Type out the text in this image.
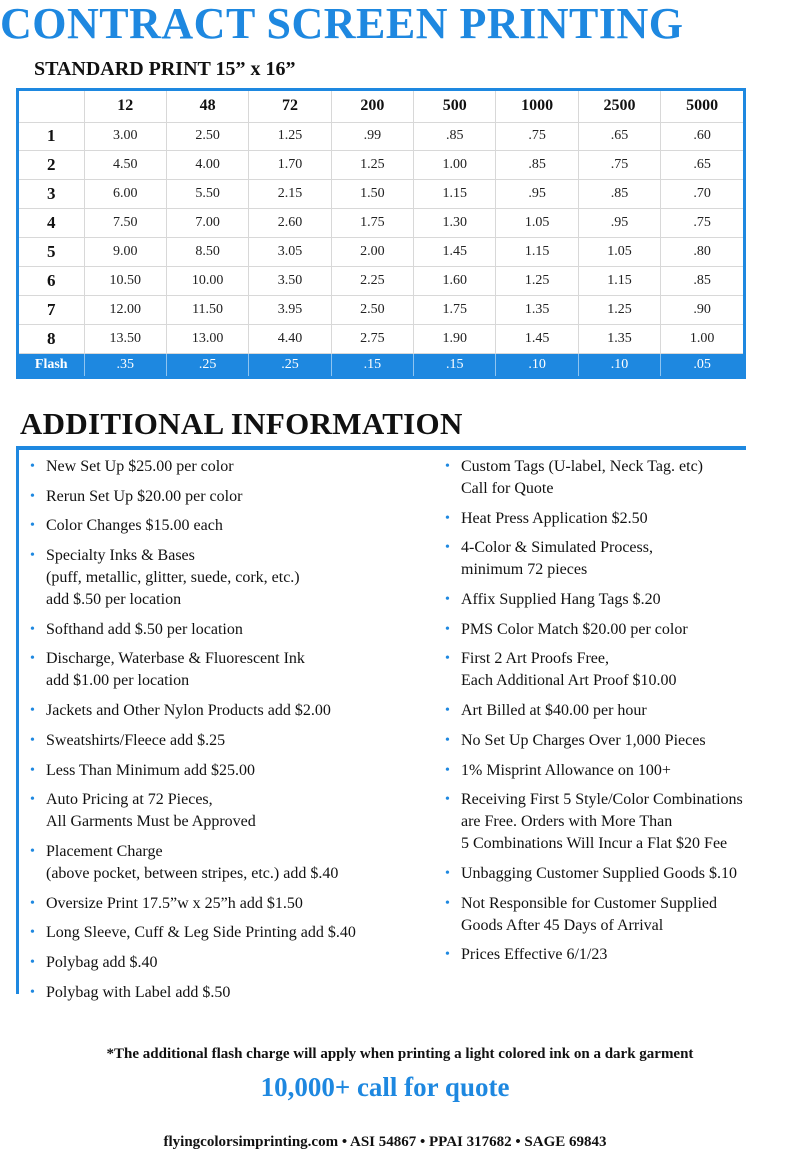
CONTRACT SCREEN PRINTING
STANDARD PRINT 15” x 16”
	12	48	72	200	500	1000	2500	5000
1	3.00	2.50	1.25	.99	.85	.75	.65	.60
2	4.50	4.00	1.70	1.25	1.00	.85	.75	.65
3	6.00	5.50	2.15	1.50	1.15	.95	.85	.70
4	7.50	7.00	2.60	1.75	1.30	1.05	.95	.75
5	9.00	8.50	3.05	2.00	1.45	1.15	1.05	.80
6	10.50	10.00	3.50	2.25	1.60	1.25	1.15	.85
7	12.00	11.50	3.95	2.50	1.75	1.35	1.25	.90
8	13.50	13.00	4.40	2.75	1.90	1.45	1.35	1.00
Flash	.35	.25	.25	.15	.15	.10	.10	.05
ADDITIONAL INFORMATION
• New Set Up $25.00 per color
• Rerun Set Up $20.00 per color
• Color Changes $15.00 each
• Specialty Inks & Bases
(puff, metallic, glitter, suede, cork, etc.)
add $.50 per location
• Softhand add $.50 per location
• Discharge, Waterbase & Fluorescent Ink
add $1.00 per location
• Jackets and Other Nylon Products add $2.00
• Sweatshirts/Fleece add $.25
• Less Than Minimum add $25.00
• Auto Pricing at 72 Pieces,
All Garments Must be Approved
• Placement Charge
(above pocket, between stripes, etc.) add $.40
• Oversize Print 17.5”w x 25”h add $1.50
• Long Sleeve, Cuff & Leg Side Printing add $.40
• Polybag add $.40
• Polybag with Label add $.50
• Custom Tags (U-label, Neck Tag. etc)
Call for Quote
• Heat Press Application $2.50
• 4-Color & Simulated Process,
minimum 72 pieces
• Affix Supplied Hang Tags $.20
• PMS Color Match $20.00 per color
• First 2 Art Proofs Free,
Each Additional Art Proof $10.00
• Art Billed at $40.00 per hour
• No Set Up Charges Over 1,000 Pieces
• 1% Misprint Allowance on 100+
• Receiving First 5 Style/Color Combinations
are Free. Orders with More Than
5 Combinations Will Incur a Flat $20 Fee
• Unbagging Customer Supplied Goods $.10
• Not Responsible for Customer Supplied
Goods After 45 Days of Arrival
• Prices Effective 6/1/23
*The additional flash charge will apply when printing a light colored ink on a dark garment
10,000+ call for quote
flyingcolorsimprinting.com • ASI 54867 • PPAI 317682 • SAGE 69843
